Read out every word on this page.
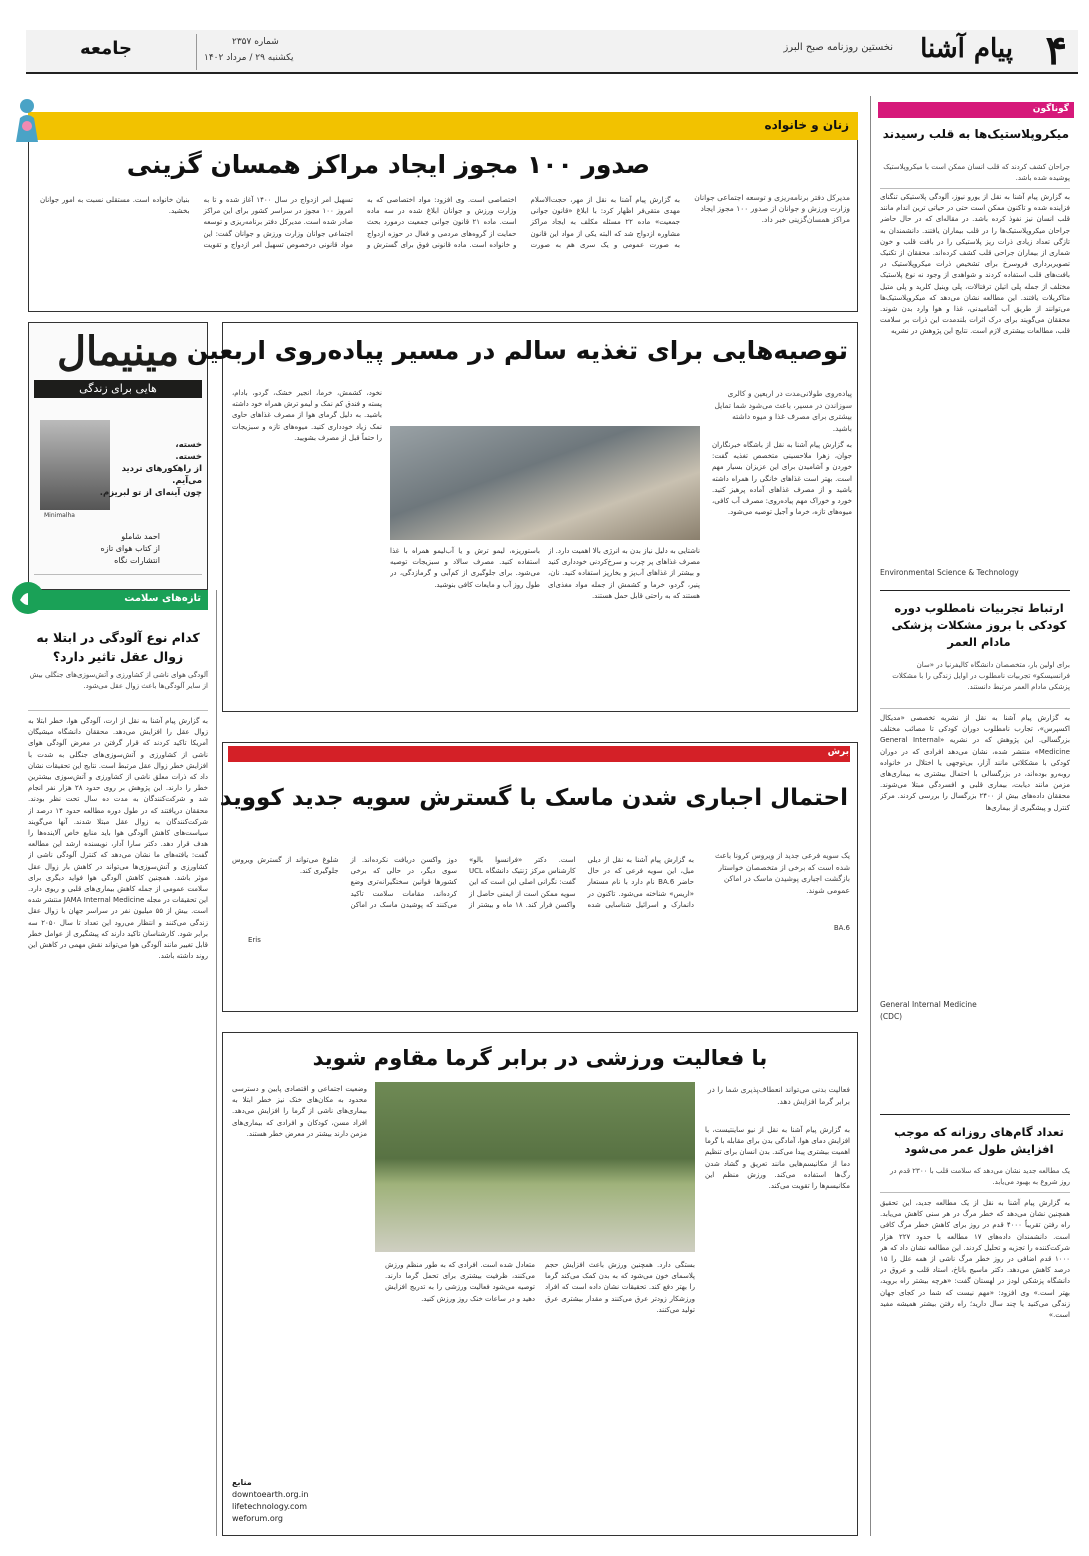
۴
پیام آشنا
نخستین روزنامه صبح البرز
شماره ۲۳۵۷
یکشنبه ۲۹ / مرداد ۱۴۰۲
جامعه
گوناگون
میکروپلاستیک‌ها به قلب رسیدند
جراحان کشف کردند که قلب انسان ممکن است با میکروپلاستیک پوشیده شده باشد.
به گزارش پیام آشنا به نقل از یورو نیوز، آلودگی پلاستیکی تنگنای فزاینده شده و تاکنون ممکن است حتی در حیاتی ترین اندام مانند قلب انسان نیز نفوذ کرده باشد. در مقاله‌ای که در حال حاضر جراحان میکروپلاستیک‌ها را در قلب بیماران یافتند. دانشمندان به تازگی تعداد زیادی ذرات ریز پلاستیکی را در بافت قلب و خون شماری از بیماران جراحی قلب کشف کرده‌اند. محققان از تکنیک تصویربرداری فروسرخ برای تشخیص ذرات میکروپلاستیک در بافت‌های قلب استفاده کردند و شواهدی از وجود نه نوع پلاستیک مختلف از جمله پلی اتیلن ترفتالات، پلی وینیل کلرید و پلی متیل متاکریلات یافتند. این مطالعه نشان می‌دهد که میکروپلاستیک‌ها می‌توانند از طریق آب آشامیدنی، غذا و هوا وارد بدن شوند. محققان می‌گویند برای درک اثرات بلندمدت این ذرات بر سلامت قلب، مطالعات بیشتری لازم است. نتایج این پژوهش در نشریه
Environmental Science & Technology
ارتباط تجربیات نامطلوب دوره کودکی با بروز مشکلات پزشکی مادام العمر
برای اولین بار، متخصصان دانشگاه کالیفرنیا در «سان فرانسیسکو» تجربیات نامطلوب در اوایل زندگی را با مشکلات پزشکی مادام العمر مرتبط دانستند.
به گزارش پیام آشنا به نقل از نشریه تخصصی «مدیکال اکسپرس»، تجارب نامطلوب دوران کودکی تا مصائب مختلف بزرگسالی. این پژوهش که در نشریه «General Internal Medicine» منتشر شده، نشان می‌دهد افرادی که در دوران کودکی با مشکلاتی مانند آزار، بی‌توجهی یا اختلال در خانواده روبه‌رو بوده‌اند، در بزرگسالی با احتمال بیشتری به بیماری‌های مزمن مانند دیابت، بیماری قلبی و افسردگی مبتلا می‌شوند. محققان داده‌های بیش از ۲۴۰۰ بزرگسال را بررسی کردند. مرکز کنترل و پیشگیری از بیماری‌ها
General Internal Medicine
(CDC)
تعداد گام‌های روزانه که موجب افزایش طول عمر می‌شود
یک مطالعه جدید نشان می‌دهد که سلامت قلب با ۲۳۰۰ قدم در روز شروع به بهبود می‌یابد.
به گزارش پیام آشنا به نقل از یک مطالعه جدید، این تحقیق همچنین نشان می‌دهد که خطر مرگ در هر سنی کاهش می‌یابد. راه رفتن تقریباً ۴۰۰۰ قدم در روز برای کاهش خطر مرگ کافی است. دانشمندان داده‌های ۱۷ مطالعه با حدود ۲۲۷ هزار شرکت‌کننده را تجزیه و تحلیل کردند. این مطالعه نشان داد که هر ۱۰۰۰ قدم اضافی در روز خطر مرگ ناشی از همه علل را ۱۵ درصد کاهش می‌دهد. دکتر ماسیج باناخ، استاد قلب و عروق در دانشگاه پزشکی لودز در لهستان گفت: «هرچه بیشتر راه بروید، بهتر است.» وی افزود: «مهم نیست که شما در کجای جهان زندگی می‌کنید یا چند سال دارید؛ راه رفتن بیشتر همیشه مفید است.»
زنان و خانواده
صدور ۱۰۰ مجوز ایجاد مراکز همسان گزینی
مدیرکل دفتر برنامه‌ریزی و توسعه اجتماعی جوانان وزارت ورزش و جوانان از صدور ۱۰۰ مجوز ایجاد مراکز همسان‌گزینی خبر داد.
به گزارش پیام آشنا به نقل از مهر، حجت‌الاسلام مهدی متقی‌فر اظهار کرد: با ابلاغ «قانون جوانی جمعیت» ماده ۲۲ مسئله مکلف به ایجاد مراکز مشاوره ازدواج شد که البته یکی از مواد این قانون به صورت عمومی و یک سری هم به صورت اختصاصی است. وی افزود: مواد اختصاصی که به وزارت ورزش و جوانان ابلاغ شده در سه ماده است. ماده ۲۱ قانون جوانی جمعیت درمورد بحث حمایت از گروه‌های مردمی و فعال در حوزه ازدواج و خانواده است. ماده قانونی فوق برای گسترش و تسهیل امر ازدواج در سال ۱۴۰۰ آغاز شده و تا به امروز ۱۰۰ مجوز در سراسر کشور برای این مراکز صادر شده است. مدیرکل دفتر برنامه‌ریزی و توسعه اجتماعی جوانان وزارت ورزش و جوانان گفت: این مواد قانونی درخصوص تسهیل امر ازدواج و تقویت بنیان خانواده است. مستقلی نسبت به امور جوانان بخشید.
مینیمال
هایی برای زندگی
خسته،
خسته.
از راهکورهای تردید
می‌آیم.
چون آینه‌ای از تو لبریزم.
Minimalha
احمد شاملو
از کتاب هوای تازه
انتشارات نگاه
تازه‌های سلامت
کدام نوع آلودگی در ابتلا به زوال عقل تاثیر دارد؟
آلودگی هوای ناشی از کشاورزی و آتش‌سوزی‌های جنگلی بیش از سایر آلودگی‌ها باعث زوال عقل می‌شود.
به گزارش پیام آشنا به نقل از ارت، آلودگی هوا، خطر ابتلا به زوال عقل را افزایش می‌دهد. محققان دانشگاه میشیگان آمریکا تاکید کردند که قرار گرفتن در معرض آلودگی هوای ناشی از کشاورزی و آتش‌سوزی‌های جنگلی به شدت با افزایش خطر زوال عقل مرتبط است. نتایج این تحقیقات نشان داد که ذرات معلق ناشی از کشاورزی و آتش‌سوزی بیشترین خطر را دارند. این پژوهش بر روی حدود ۲۸ هزار نفر انجام شد و شرکت‌کنندگان به مدت ده سال تحت نظر بودند. محققان دریافتند که در طول دوره مطالعه حدود ۱۴ درصد از شرکت‌کنندگان به زوال عقل مبتلا شدند. آنها می‌گویند سیاست‌های کاهش آلودگی هوا باید منابع خاص آلاینده‌ها را هدف قرار دهد. دکتر سارا آدار، نویسنده ارشد این مطالعه گفت: یافته‌های ما نشان می‌دهد که کنترل آلودگی ناشی از کشاورزی و آتش‌سوزی‌ها می‌تواند در کاهش بار زوال عقل موثر باشد. همچنین کاهش آلودگی هوا فواید دیگری برای سلامت عمومی از جمله کاهش بیماری‌های قلبی و ریوی دارد. این تحقیقات در مجله JAMA Internal Medicine منتشر شده است. بیش از ۵۵ میلیون نفر در سراسر جهان با زوال عقل زندگی می‌کنند و انتظار می‌رود این تعداد تا سال ۲۰۵۰ سه برابر شود. کارشناسان تاکید دارند که پیشگیری از عوامل خطر قابل تغییر مانند آلودگی هوا می‌تواند نقش مهمی در کاهش این روند داشته باشد.
توصیه‌هایی برای تغذیه سالم در مسیر پیاده‌روی اربعین
پیاده‌روی طولانی‌مدت در اربعین و کالری سوزاندن در مسیر، باعث می‌شود شما تمایل بیشتری برای مصرف غذا و میوه داشته باشید.
به گزارش پیام آشنا به نقل از باشگاه خبرنگاران جوان، زهرا ملاحسینی متخصص تغذیه گفت: خوردن و آشامیدن برای این عزیزان بسیار مهم است. بهتر است غذاهای خانگی را همراه داشته باشید و از مصرف غذاهای آماده پرهیز کنید. خورد و خوراک مهم پیاده‌روی: مصرف آب کافی، میوه‌های تازه، خرما و آجیل توصیه می‌شود.
نخود، کشمش، خرما، انجیر خشک، گردو، بادام، پسته و فندق کم نمک و لیمو ترش همراه خود داشته باشید. به دلیل گرمای هوا از مصرف غذاهای حاوی نمک زیاد خودداری کنید. میوه‌های تازه و سبزیجات را حتماً قبل از مصرف بشویید.
ناشتایی به دلیل نیاز بدن به انرژی بالا اهمیت دارد. از مصرف غذاهای پر چرب و سرخ‌کردنی خودداری کنید و بیشتر از غذاهای آب‌پز و بخارپز استفاده کنید. نان، پنیر، گردو، خرما و کشمش از جمله مواد مغذی‌ای هستند که به راحتی قابل حمل هستند.
باستوریزه، لیمو ترش و یا آب‌لیمو همراه با غذا استفاده کنید. مصرف سالاد و سبزیجات توصیه می‌شود. برای جلوگیری از کم‌آبی و گرمازدگی، در طول روز آب و مایعات کافی بنوشید.
برش
احتمال اجباری شدن ماسک با گسترش سویه جدید کووید
یک سویه فرعی جدید از ویروس کرونا باعث شده است که برخی از متخصصان خواستار بازگشت اجباری پوشیدن ماسک در اماکن عمومی شوند.
به گزارش پیام آشنا به نقل از دیلی میل، این سویه فرعی که در حال حاضر BA.6 نام دارد با نام مستعار «اریس» شناخته می‌شود. تاکنون در دانمارک و اسرائیل شناسایی شده است. دکتر «فرانسوا بالو» کارشناس مرکز ژنتیک دانشگاه UCL گفت: نگرانی اصلی این است که این سویه ممکن است از ایمنی حاصل از واکسن فرار کند. ۱۸ ماه و بیشتر از دوز واکسن دریافت نکرده‌اند. از سوی دیگر، در حالی که برخی کشورها قوانین سختگیرانه‌تری وضع کرده‌اند، مقامات سلامت تاکید می‌کنند که پوشیدن ماسک در اماکن شلوغ می‌تواند از گسترش ویروس جلوگیری کند.
BA.6
Eris
با فعالیت ورزشی در برابر گرما مقاوم شوید
فعالیت بدنی می‌تواند انعطاف‌پذیری شما را در برابر گرما افزایش دهد.
به گزارش پیام آشنا به نقل از نیو ساینتیست، با افزایش دمای هوا، آمادگی بدن برای مقابله با گرما اهمیت بیشتری پیدا می‌کند. بدن انسان برای تنظیم دما از مکانیسم‌هایی مانند تعریق و گشاد شدن رگ‌ها استفاده می‌کند. ورزش منظم این مکانیسم‌ها را تقویت می‌کند.
وضعیت اجتماعی و اقتصادی پایین و دسترسی محدود به مکان‌های خنک نیز خطر ابتلا به بیماری‌های ناشی از گرما را افزایش می‌دهد. افراد مسن، کودکان و افرادی که بیماری‌های مزمن دارند بیشتر در معرض خطر هستند.
بستگی دارد. همچنین ورزش باعث افزایش حجم پلاسمای خون می‌شود که به بدن کمک می‌کند گرما را بهتر دفع کند. تحقیقات نشان داده است که افراد ورزشکار زودتر عرق می‌کنند و مقدار بیشتری عرق تولید می‌کنند.
متعادل شده است. افرادی که به طور منظم ورزش می‌کنند، ظرفیت بیشتری برای تحمل گرما دارند. توصیه می‌شود فعالیت ورزشی را به تدریج افزایش دهید و در ساعات خنک روز ورزش کنید.
منابع
downtoearth.org.in
lifetechnology.com
weforum.org
